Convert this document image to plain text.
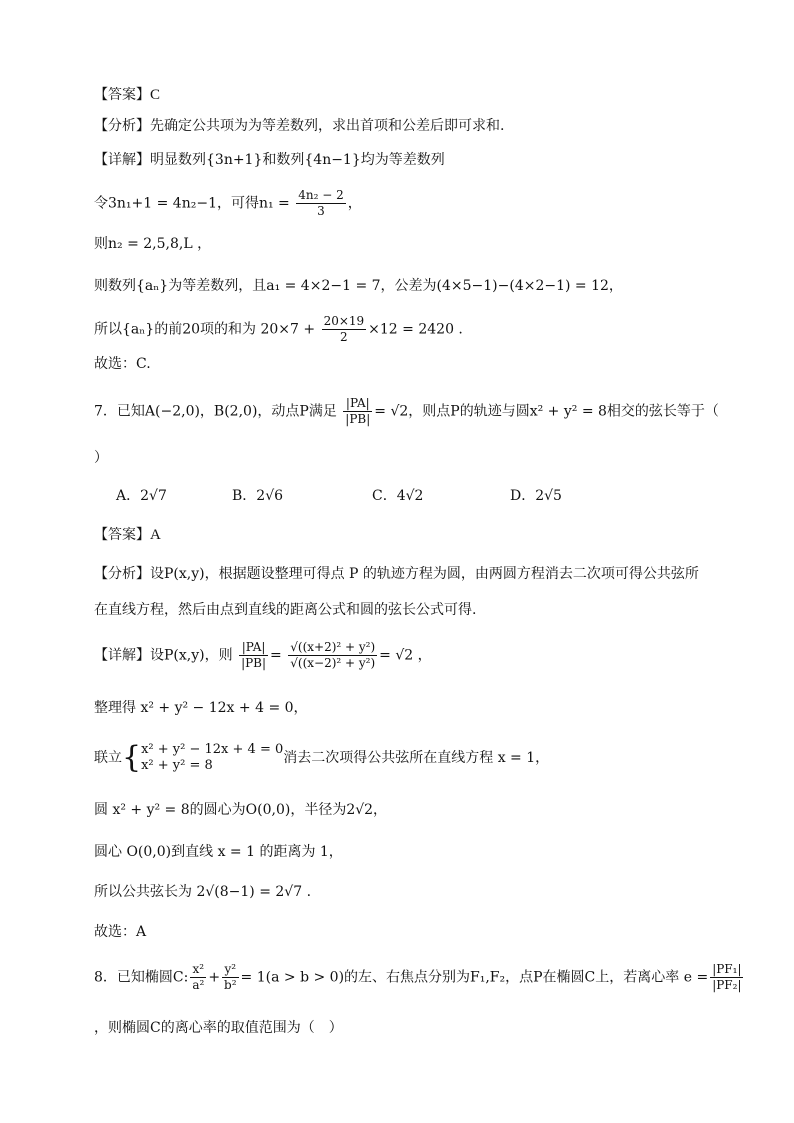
【答案】C
【分析】先确定公共项为为等差数列，求出首项和公差后即可求和.
【详解】明显数列{3n+1}和数列{4n−1}均为等差数列
令3n₁+1 = 4n₂−1，可得$n_1 = \frac{\text{4n₂ − 2}}{3}$ ，
则n₂ = 2,5,8,L ，
则数列{aₙ}为等差数列，且a₁ = 4×2−1 = 7，公差为(4×5−1)−(4×2−1) = 12，
所以{aₙ}的前20项的和为 $20\times 7 + \frac{20\times 19}{2} \times 12 = 2420$ .
故选：C.
7．已知A(−2,0)，B(2,0)，动点P满足 $\frac{|PA|}{|PB|} = √2$，则点P的轨迹与圆x² + y² = 8相交的弦长等于（
）
A．2√7	B．2√6	C．4√2	D．2√5
【答案】A
【分析】设P(x,y)，根据题设整理可得点 P 的轨迹方程为圆，由两圆方程消去二次项可得公共弦所
在直线方程，然后由点到直线的距离公式和圆的弦长公式可得.
【详解】设P(x,y)，则 $\frac{|PA|}{|PB|} = \frac{\text{√((x+2)² + y²)}}{\text{√((x−2)² + y²)}} = √2$ ，
整理得 x² + y² − 12x + 4 = 0，
联立{ x² + y² − 12x + 4 = 0
x² + y² = 8	消去二次项得公共弦所在直线方程 x = 1，
圆 x² + y² = 8的圆心为O(0,0)，半径为2√2，
圆心 O(0,0)到直线 x = 1 的距离为 1，
所以公共弦长为 2√(8−1) = 2√7 .
故选：A
8．已知椭圆C: $\frac{\text{x²}}{\text{a²}} + \frac{\text{y²}}{\text{b²}} = 1(a > b > 0)$的左、右焦点分别为F₁,F₂，点P在椭圆C上，若离心率 $e = \frac{\text{|PF₁|}}{\text{|PF₂|}}$
，则椭圆C的离心率的取值范围为（　）
